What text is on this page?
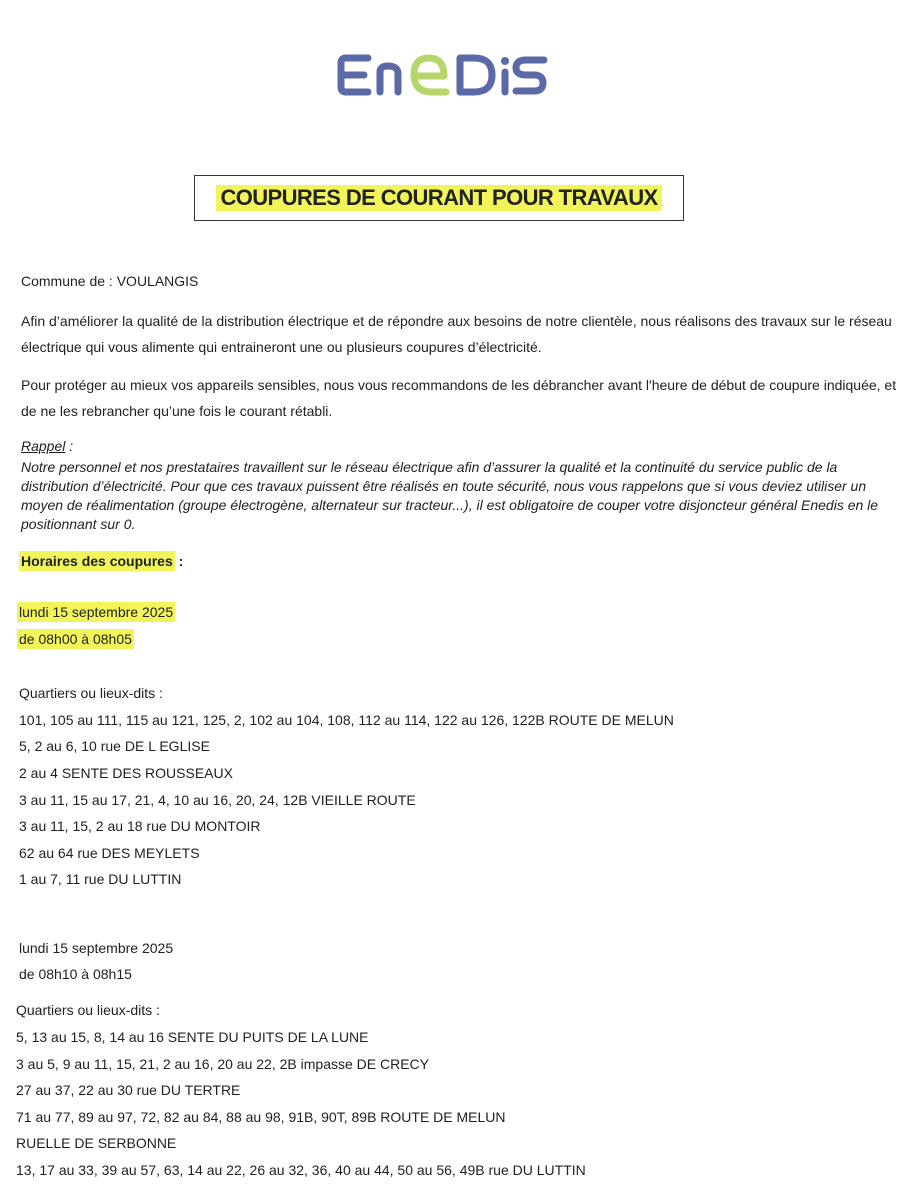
COUPURES DE COURANT POUR TRAVAUX
Commune de : VOULANGIS
Afin d’améliorer la qualité de la distribution électrique et de répondre aux besoins de notre clientèle, nous réalisons des travaux sur le réseau électrique qui vous alimente qui entraineront une ou plusieurs coupures d’électricité.
Pour protéger au mieux vos appareils sensibles, nous vous recommandons de les débrancher avant l'heure de début de coupure indiquée, et de ne les rebrancher qu’une fois le courant rétabli.
Rappel :
Notre personnel et nos prestataires travaillent sur le réseau électrique afin d’assurer la qualité et la continuité du service public de la distribution d’électricité. Pour que ces travaux puissent être réalisés en toute sécurité, nous vous rappelons que si vous deviez utiliser un moyen de réalimentation (groupe électrogène, alternateur sur tracteur...), il est obligatoire de couper votre disjoncteur général Enedis en le positionnant sur 0.
Horaires des coupures :
lundi 15 septembre 2025
de 08h00 à 08h05
Quartiers ou lieux-dits :
101, 105 au 111, 115 au 121, 125, 2, 102 au 104, 108, 112 au 114, 122 au 126, 122B ROUTE DE MELUN
5, 2 au 6, 10 rue DE L EGLISE
2 au 4 SENTE DES ROUSSEAUX
3 au 11, 15 au 17, 21, 4, 10 au 16, 20, 24, 12B VIEILLE ROUTE
3 au 11, 15, 2 au 18 rue DU MONTOIR
62 au 64 rue DES MEYLETS
1 au 7, 11 rue DU LUTTIN
lundi 15 septembre 2025
de 08h10 à 08h15
Quartiers ou lieux-dits :
5, 13 au 15, 8, 14 au 16 SENTE DU PUITS DE LA LUNE
3 au 5, 9 au 11, 15, 21, 2 au 16, 20 au 22, 2B impasse DE CRECY
27 au 37, 22 au 30 rue DU TERTRE
71 au 77, 89 au 97, 72, 82 au 84, 88 au 98, 91B, 90T, 89B ROUTE DE MELUN
RUELLE DE SERBONNE
13, 17 au 33, 39 au 57, 63, 14 au 22, 26 au 32, 36, 40 au 44, 50 au 56, 49B rue DU LUTTIN
